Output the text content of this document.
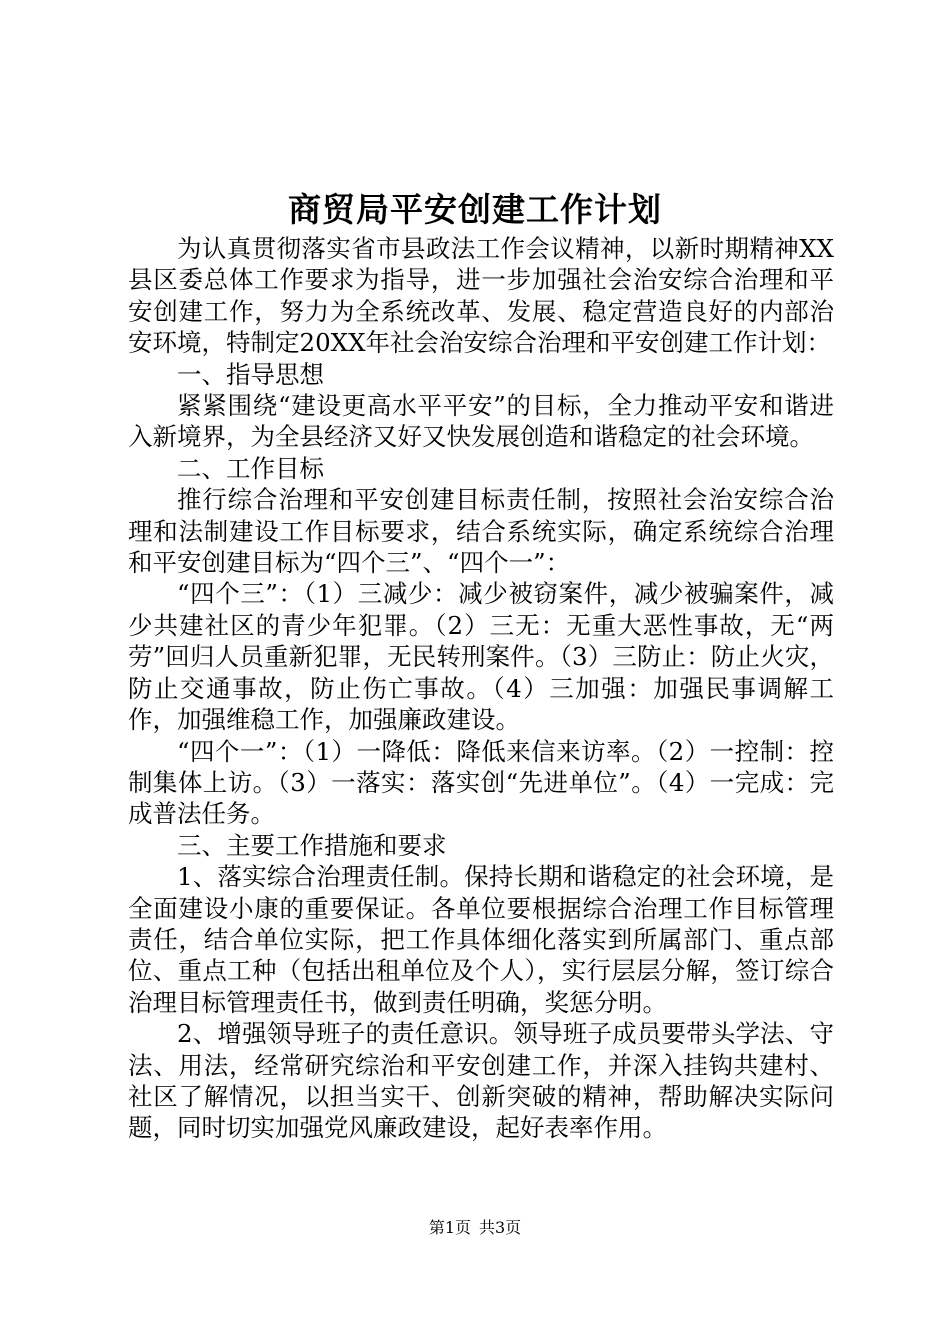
商贸局平安创建工作计划

为认真贯彻落实省市县政法工作会议精神，以新时期精神XX县区委总体工作要求为指导，进一步加强社会治安综合治理和平安创建工作，努力为全系统改革、发展、稳定营造良好的内部治安环境，特制定20XX年社会治安综合治理和平安创建工作计划：

一、指导思想

紧紧围绕“建设更高水平平安”的目标，全力推动平安和谐进入新境界，为全县经济又好又快发展创造和谐稳定的社会环境。

二、工作目标

推行综合治理和平安创建目标责任制，按照社会治安综合治理和法制建设工作目标要求，结合系统实际，确定系统综合治理和平安创建目标为“四个三”、“四个一”：

“四个三”：（1）三减少：减少被窃案件，减少被骗案件，减少共建社区的青少年犯罪。（2）三无：无重大恶性事故，无“两劳”回归人员重新犯罪，无民转刑案件。（3）三防止：防止火灾，防止交通事故，防止伤亡事故。（4）三加强：加强民事调解工作，加强维稳工作，加强廉政建设。

“四个一”：（1）一降低：降低来信来访率。（2）一控制：控制集体上访。（3）一落实：落实创“先进单位”。（4）一完成：完成普法任务。

三、主要工作措施和要求

1、落实综合治理责任制。保持长期和谐稳定的社会环境，是全面建设小康的重要保证。各单位要根据综合治理工作目标管理责任，结合单位实际，把工作具体细化落实到所属部门、重点部位、重点工种（包括出租单位及个人），实行层层分解，签订综合治理目标管理责任书，做到责任明确，奖惩分明。

2、增强领导班子的责任意识。领导班子成员要带头学法、守法、用法，经常研究综治和平安创建工作，并深入挂钩共建村、社区了解情况，以担当实干、创新突破的精神，帮助解决实际问题，同时切实加强党风廉政建设，起好表率作用。

第1页 共3页
